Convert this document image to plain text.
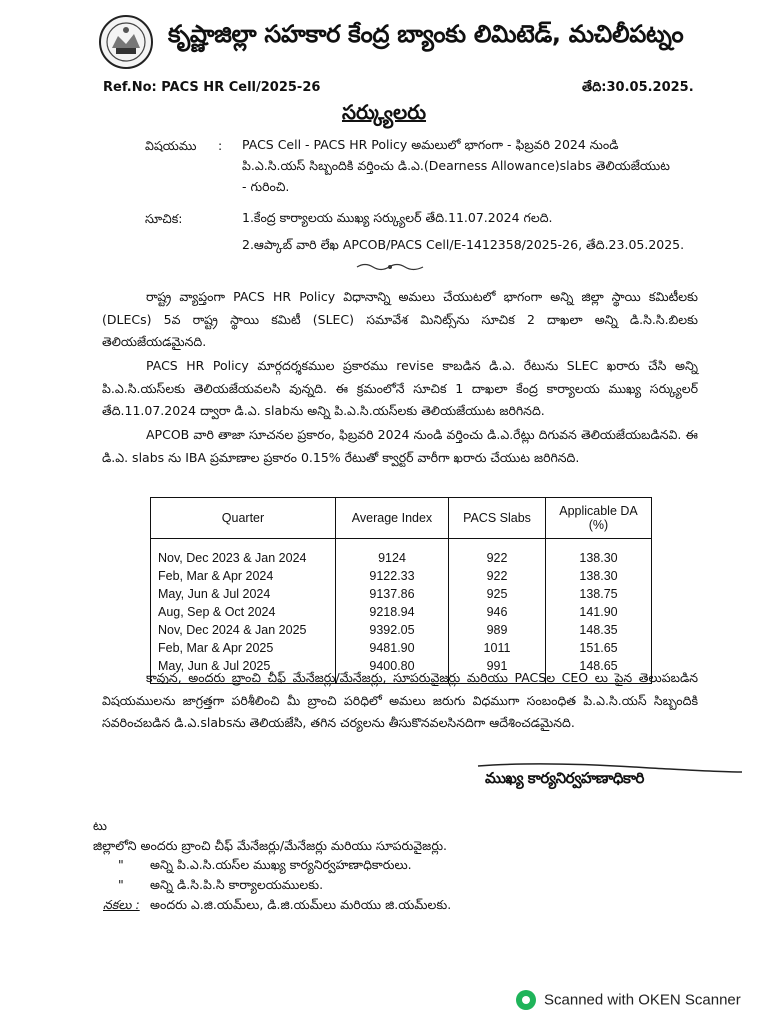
కృష్ణాజిల్లా సహకార కేంద్ర బ్యాంకు లిమిటెడ్, మచిలీపట్నం
Ref.No: PACS HR Cell/2025-26	తేది:30.05.2025.
సర్క్యులరు
విషయము : PACS Cell - PACS HR Policy అమలులో భాగంగా - ఫిబ్రవరి 2024 నుండి
పి.ఎ.సి.యస్ సిబ్బందికి వర్తించు డి.ఎ.(Dearness Allowance)slabs తెలియజేయుట
- గురించి.
సూచిక:	1.కేంద్ర కార్యాలయ ముఖ్య సర్క్యులర్ తేది.11.07.2024 గలది.
2.ఆప్కాబ్ వారి లేఖ APCOB/PACS Cell/E-1412358/2025-26, తేది.23.05.2025.
రాష్ట్ర వ్యాప్తంగా PACS HR Policy విధానాన్ని అమలు చేయుటలో భాగంగా అన్ని జిల్లా స్థాయి కమిటీలకు (DLECs) 5వ రాష్ట్ర స్థాయి కమిటీ (SLEC) సమావేశ మినిట్స్‌ను సూచిక 2 దాఖలా అన్ని డి.సి.సి.బిలకు తెలియజేయడమైనది.
PACS HR Policy మార్గదర్శకముల ప్రకారము revise కాబడిన డి.ఎ. రేటును SLEC ఖరారు చేసి అన్ని పి.ఎ.సి.యస్‌లకు తెలియజేయవలసి వున్నది. ఈ క్రమంలోనే సూచిక 1 దాఖలా కేంద్ర కార్యాలయ ముఖ్య సర్క్యులర్ తేది.11.07.2024 ద్వారా డి.ఎ. slabను అన్ని పి.ఎ.సి.యస్‌లకు తెలియజేయుట జరిగినది.
APCOB వారి తాజా సూచనల ప్రకారం, ఫిబ్రవరి 2024 నుండి వర్తించు డి.ఎ.రేట్లు దిగువన తెలియజేయబడినవి. ఈ డి.ఎ. slabs ను IBA ప్రమాణాల ప్రకారం 0.15% రేటుతో క్వార్టర్ వారీగా ఖరారు చేయుట జరిగినది.
Quarter	Average Index	PACS Slabs	Applicable DA (%)
Nov, Dec 2023 & Jan 2024	9124	922	138.30
Feb, Mar & Apr 2024	9122.33	922	138.30
May, Jun & Jul 2024	9137.86	925	138.75
Aug, Sep & Oct 2024	9218.94	946	141.90
Nov, Dec 2024 & Jan 2025	9392.05	989	148.35
Feb, Mar & Apr 2025	9481.90	1011	151.65
May, Jun & Jul 2025	9400.80	991	148.65
కావున, అందరు బ్రాంచి చీఫ్ మేనేజర్లు/మేనేజర్లు, సూపరువైజర్లు మరియు PACSల CEO లు పైన తెలుపబడిన విషయములను జాగ్రత్తగా పరిశీలించి మీ బ్రాంచి పరిధిలో అమలు జరుగు విధముగా సంబంధిత పి.ఎ.సి.యస్ సిబ్బందికి సవరించబడిన డి.ఎ.slabsను తెలియజేసి, తగిన చర్యలను తీసుకొనవలసినదిగా ఆదేశించడమైనది.
ముఖ్య కార్యనిర్వహణాధికారి
టు
జిల్లాలోని అందరు బ్రాంచి చీఫ్ మేనేజర్లు/మేనేజర్లు మరియు సూపరువైజర్లు.
" అన్ని పి.ఎ.సి.యస్‌ల ముఖ్య కార్యనిర్వహణాధికారులు.
" అన్ని డి.సి.పి.సి కార్యాలయములకు.
నకలు : అందరు ఎ.జి.యమ్‌లు, డి.జి.యమ్‌లు మరియు జి.యమ్‌లకు.
Scanned with OKEN Scanner
